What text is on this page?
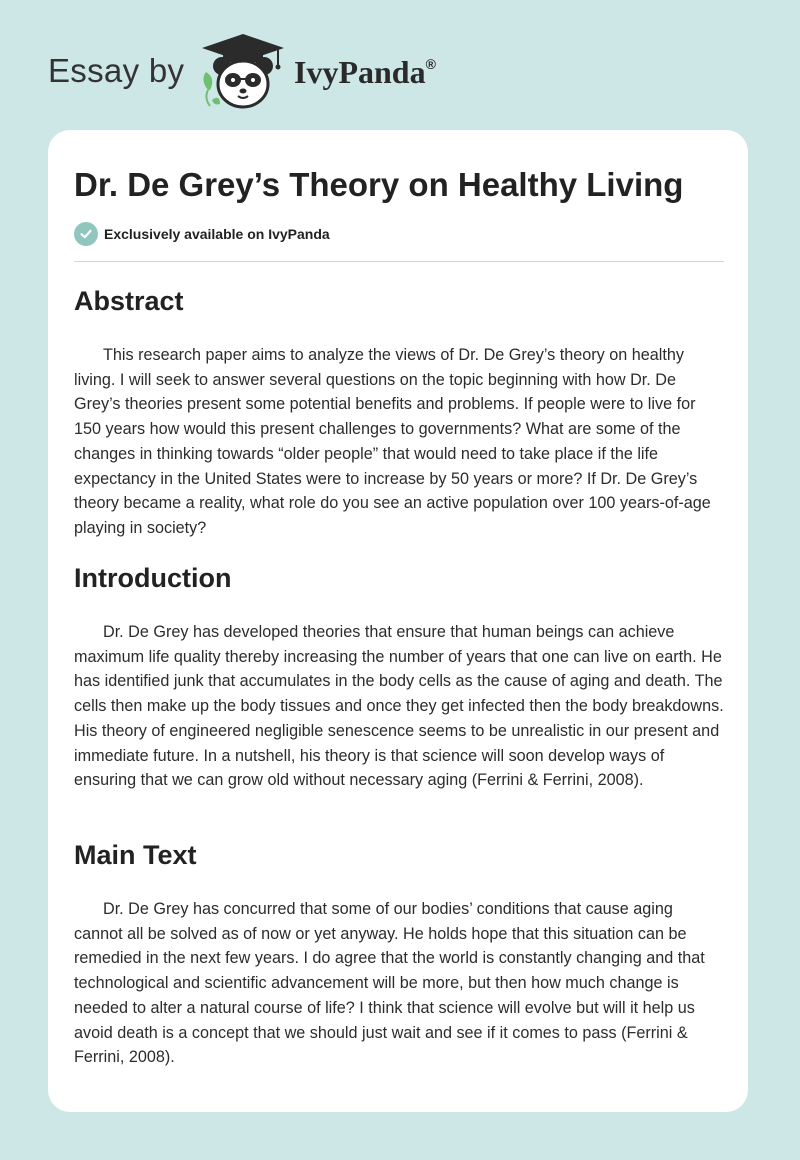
Essay by	IvyPanda®
Dr. De Grey’s Theory on Healthy Living
Exclusively available on IvyPanda
Abstract

This research paper aims to analyze the views of Dr. De Grey’s theory on healthy living. I will seek to answer several questions on the topic beginning with how Dr. De Grey’s theories present some potential benefits and problems. If people were to live for 150 years how would this present challenges to governments? What are some of the changes in thinking towards “older people” that would need to take place if the life expectancy in the United States were to increase by 50 years or more? If Dr. De Grey’s theory became a reality, what role do you see an active population over 100 years-of-age playing in society?

Introduction

Dr. De Grey has developed theories that ensure that human beings can achieve maximum life quality thereby increasing the number of years that one can live on earth. He has identified junk that accumulates in the body cells as the cause of aging and death. The cells then make up the body tissues and once they get infected then the body breakdowns. His theory of engineered negligible senescence seems to be unrealistic in our present and immediate future. In a nutshell, his theory is that science will soon develop ways of ensuring that we can grow old without necessary aging (Ferrini & Ferrini, 2008).

Main Text

Dr. De Grey has concurred that some of our bodies’ conditions that cause aging cannot all be solved as of now or yet anyway. He holds hope that this situation can be remedied in the next few years. I do agree that the world is constantly changing and that technological and scientific advancement will be more, but then how much change is needed to alter a natural course of life? I think that science will evolve but will it help us avoid death is a concept that we should just wait and see if it comes to pass (Ferrini & Ferrini, 2008).
